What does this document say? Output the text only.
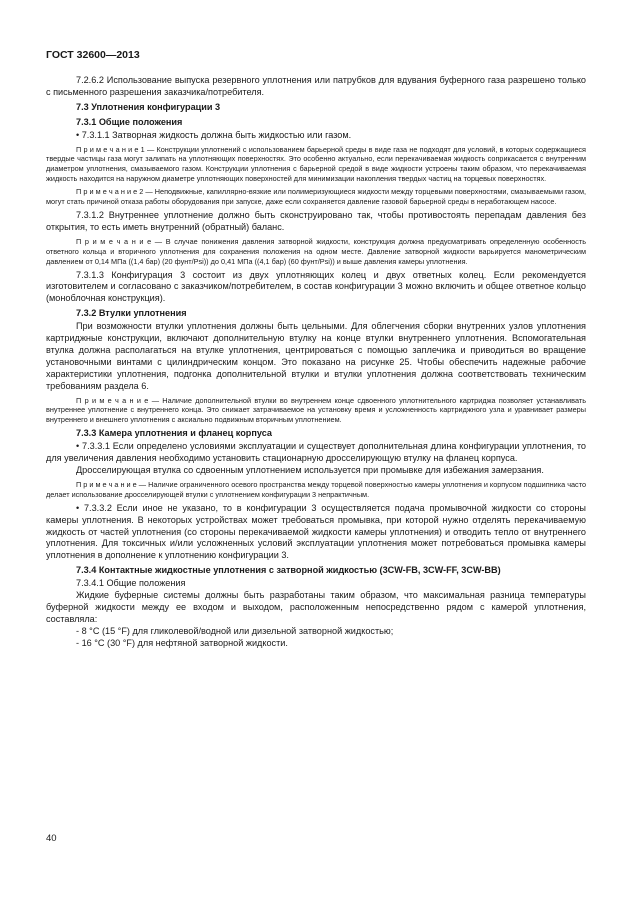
ГОСТ 32600—2013

7.2.6.2 Использование выпуска резервного уплотнения или патрубков для вдувания буферного газа разрешено только с письменного разрешения заказчика/потребителя.

7.3 Уплотнения конфигурации 3
7.3.1 Общие положения

• 7.3.1.1 Затворная жидкость должна быть жидкостью или газом.

П р и м е ч а н и е 1 — Конструкции уплотнений с использованием барьерной среды в виде газа не подходят для условий, в которых содержащиеся твердые частицы газа могут залипать на уплотняющих поверхностях. Это особенно актуально, если перекачиваемая жидкость соприкасается с внутренним диаметром уплотнения, смазываемого газом. Конструкции уплотнения с барьерной средой в виде жидкости устроены таким образом, что перекачиваемая жидкость находится на наружном диаметре уплотняющих поверхностей для минимизации накопления твердых частиц на торцевых поверхностях.

П р и м е ч а н и е 2 — Неподвижные, капиллярно-вязкие или полимеризующиеся жидкости между торцевыми поверхностями, смазываемыми газом, могут стать причиной отказа работы оборудования при запуске, даже если сохраняется давление газовой барьерной среды в неработающем насосе.

7.3.1.2 Внутреннее уплотнение должно быть сконструировано так, чтобы противостоять перепадам давления без открытия, то есть иметь внутренний (обратный) баланс.

П р и м е ч а н и е — В случае понижения давления затворной жидкости, конструкция должна предусматривать определенную особенность ответного кольца и вторичного уплотнения для сохранения положения на одном месте. Давление затворной жидкости варьируется манометрическим давлением от 0,14 МПа ((1,4 бар) (20 фунт/Psi)) до 0,41 МПа ((4,1 бар) (60 фунт/Psi)) и выше давления камеры уплотнения.

7.3.1.3 Конфигурация 3 состоит из двух уплотняющих колец и двух ответных колец. Если рекомендуется изготовителем и согласовано с заказчиком/потребителем, в состав конфигурации 3 можно включить и общее ответное кольцо (моноблочная конструкция).

7.3.2 Втулки уплотнения

При возможности втулки уплотнения должны быть цельными. Для облегчения сборки внутренних узлов уплотнения картриджные конструкции, включают дополнительную втулку на конце втулки внутреннего уплотнения. Вспомогательная втулка должна располагаться на втулке уплотнения, центрироваться с помощью заплечика и приводиться во вращение установочными винтами с цилиндрическим концом. Это показано на рисунке 25. Чтобы обеспечить надежные рабочие характеристики уплотнения, подгонка дополнительной втулки и втулки уплотнения должна соответствовать техническим требованиям раздела 6.

П р и м е ч а н и е — Наличие дополнительной втулки во внутреннем конце сдвоенного уплотнительного картриджа позволяет устанавливать внутреннее уплотнение с внутреннего конца. Это снижает затрачиваемое на установку время и усложненность картриджного узла и уравнивает размеры внутреннего и внешнего уплотнения с аксиально подвижным вторичным уплотнением.

7.3.3 Камера уплотнения и фланец корпуса

• 7.3.3.1 Если определено условиями эксплуатации и существует дополнительная длина конфигурации уплотнения, то для увеличения давления необходимо установить стационарную дросселирующую втулку на фланец корпуса.

Дросселирующая втулка со сдвоенным уплотнением используется при промывке для избежания замерзания.

П р и м е ч а н и е — Наличие ограниченного осевого пространства между торцевой поверхностью камеры уплотнения и корпусом подшипника часто делает использование дросселирующей втулки с уплотнением конфигурации 3 непрактичным.

• 7.3.3.2 Если иное не указано, то в конфигурации 3 осуществляется подача промывочной жидкости со стороны камеры уплотнения. В некоторых устройствах может требоваться промывка, при которой нужно отделять перекачиваемую жидкость от частей уплотнения (со стороны перекачиваемой жидкости камеры уплотнения) и отводить тепло от внутреннего уплотнения. Для токсичных и/или усложненных условий эксплуатации уплотнения может потребоваться промывка камеры уплотнения в дополнение к уплотнению конфигурации 3.

7.3.4 Контактные жидкостные уплотнения с затворной жидкостью (3CW-FB, 3CW-FF, 3CW-BB)

7.3.4.1 Общие положения

Жидкие буферные системы должны быть разработаны таким образом, что максимальная разница температуры буферной жидкости между ее входом и выходом, расположенным непосредственно рядом с камерой уплотнения, составляла:

- 8 °С (15 °F) для гликолевой/водной или дизельной затворной жидкостью;

- 16 °С (30 °F) для нефтяной затворной жидкости.

40
